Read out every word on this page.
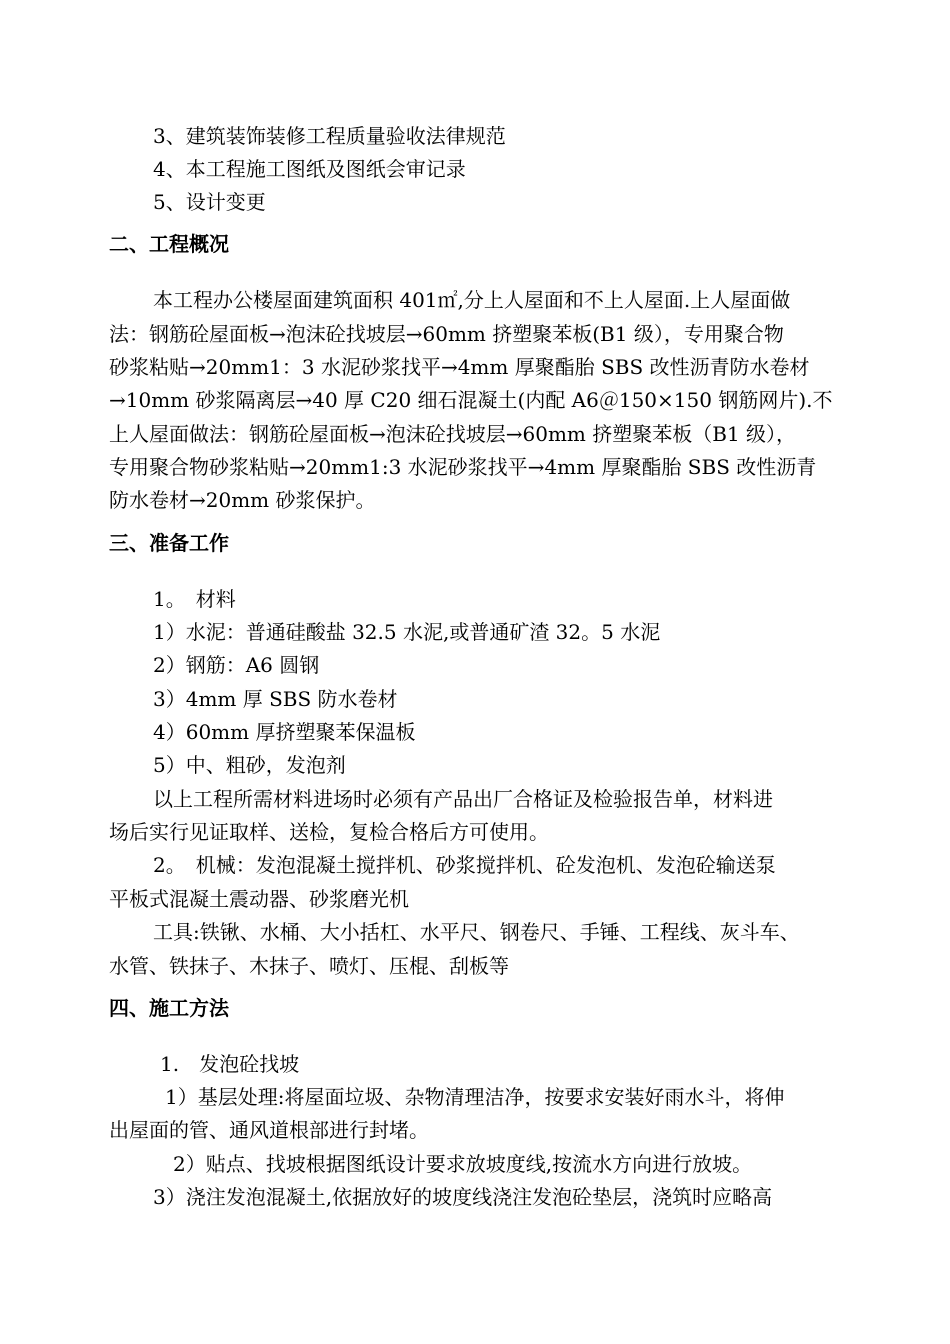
3、建筑装饰装修工程质量验收法律规范
4、本工程施工图纸及图纸会审记录
5、设计变更
二、工程概况
本工程办公楼屋面建筑面积 401㎡,分上人屋面和不上人屋面.上人屋面做
法：钢筋砼屋面板→泡沫砼找坡层→60mm 挤塑聚苯板(B1 级），专用聚合物
砂浆粘贴→20mm1：3 水泥砂浆找平→4mm 厚聚酯胎 SBS 改性沥青防水卷材
→10mm 砂浆隔离层→40 厚 C20 细石混凝土(内配 A6＠150×150 钢筋网片).不
上人屋面做法：钢筋砼屋面板→泡沫砼找坡层→60mm 挤塑聚苯板（B1 级），
专用聚合物砂浆粘贴→20mm1:3 水泥砂浆找平→4mm 厚聚酯胎 SBS 改性沥青
防水卷材→20mm 砂浆保护。
三、准备工作
1。　材料
1）水泥：普通硅酸盐 32.5 水泥,或普通矿渣 32。5 水泥
2）钢筋：A6 圆钢
3）4mm 厚 SBS 防水卷材
4）60mm 厚挤塑聚苯保温板
5）中、粗砂，发泡剂
以上工程所需材料进场时必须有产品出厂合格证及检验报告单，材料进
场后实行见证取样、送检，复检合格后方可使用。
2。　机械：发泡混凝土搅拌机、砂浆搅拌机、砼发泡机、发泡砼输送泵
平板式混凝土震动器、砂浆磨光机
工具:铁锹、水桶、大小括杠、水平尺、钢卷尺、手锤、工程线、灰斗车、
水管、铁抹子、木抹子、喷灯、压棍、刮板等
四、施工方法
1.　发泡砼找坡
1）基层处理:将屋面垃圾、杂物清理洁净，按要求安装好雨水斗，将伸
出屋面的管、通风道根部进行封堵。
2）贴点、找坡根据图纸设计要求放坡度线,按流水方向进行放坡。
3）浇注发泡混凝土,依据放好的坡度线浇注发泡砼垫层，浇筑时应略高
